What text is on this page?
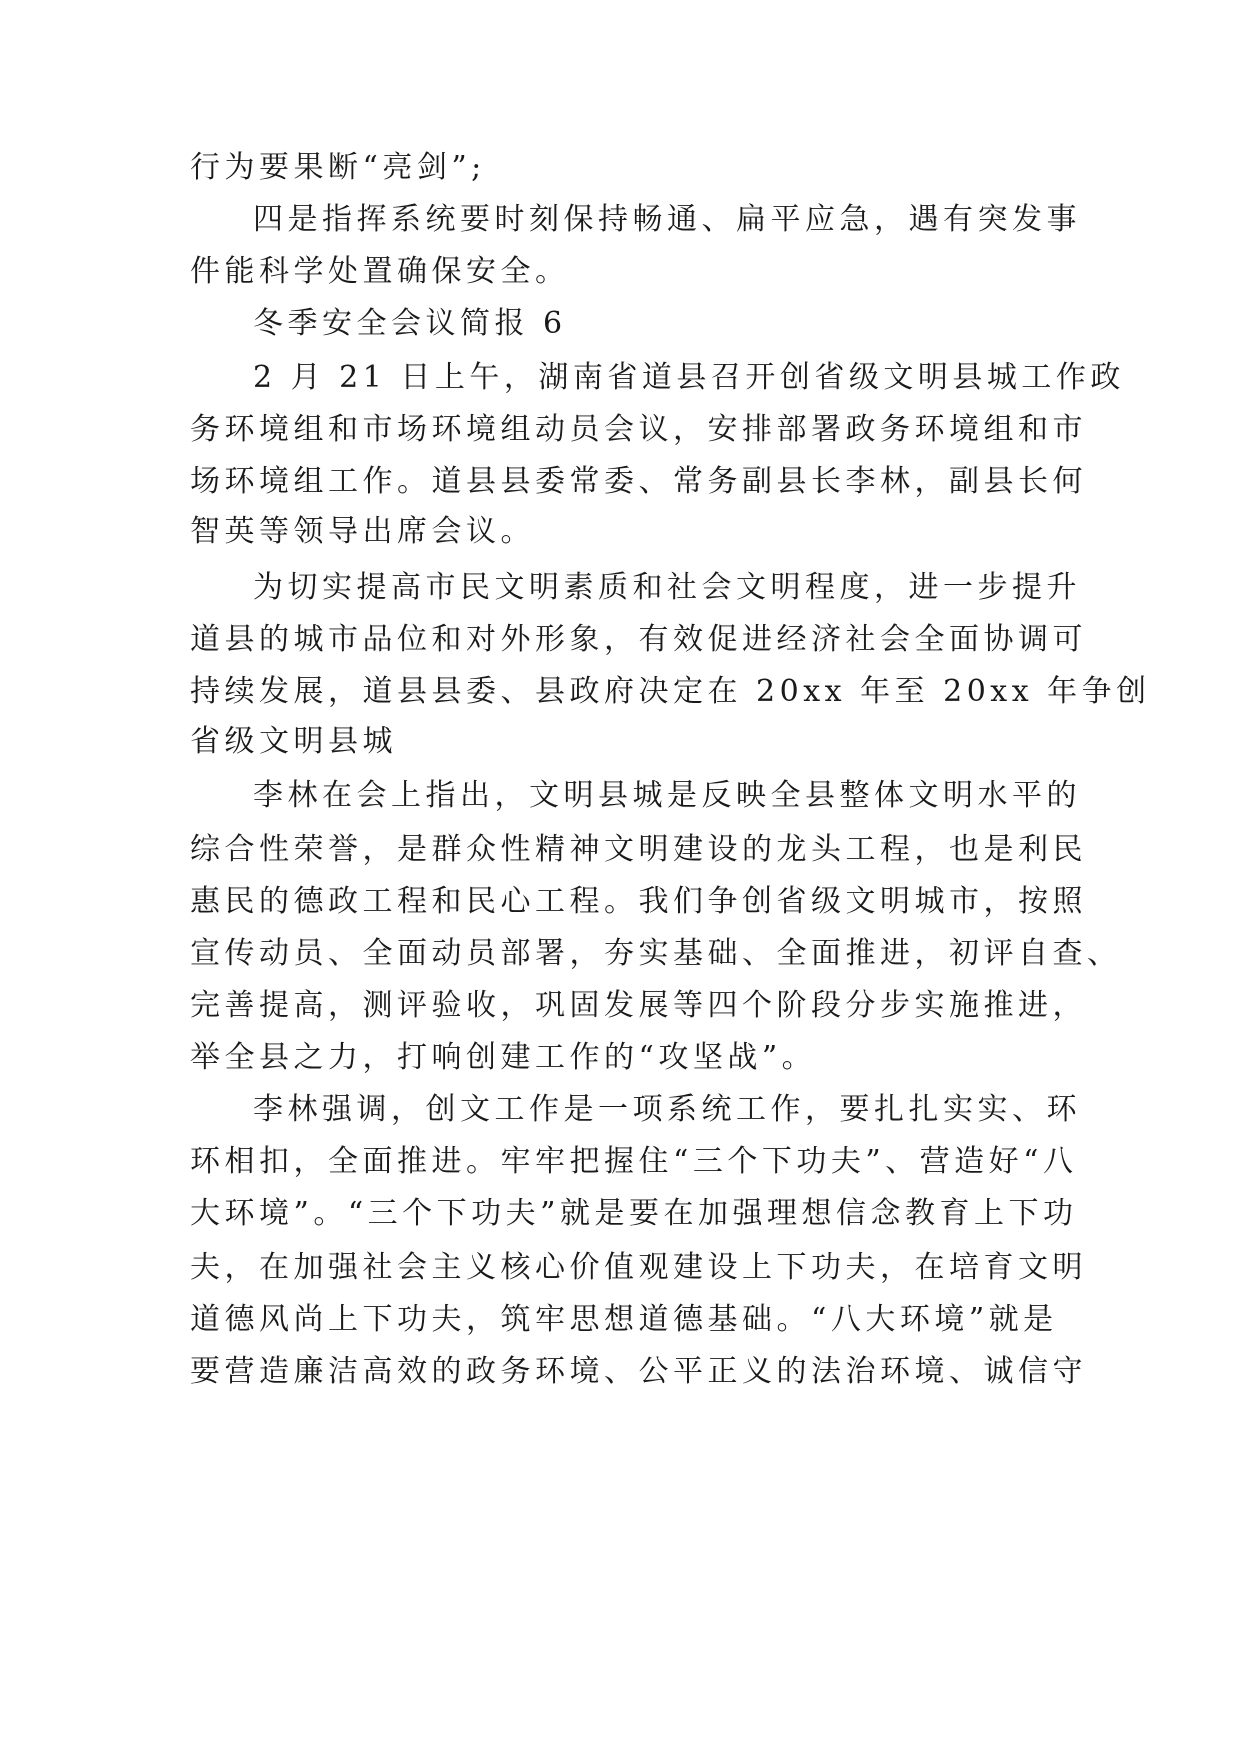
行为要果断“亮剑”;
四是指挥系统要时刻保持畅通、扁平应急，遇有突发事
件能科学处置确保安全。
冬季安全会议简报 6
2 月 21 日上午，湖南省道县召开创省级文明县城工作政
务环境组和市场环境组动员会议，安排部署政务环境组和市
场环境组工作。道县县委常委、常务副县长李林，副县长何
智英等领导出席会议。
为切实提高市民文明素质和社会文明程度，进一步提升
道县的城市品位和对外形象，有效促进经济社会全面协调可
持续发展，道县县委、县政府决定在 20xx 年至 20xx 年争创
省级文明县城
李林在会上指出，文明县城是反映全县整体文明水平的
综合性荣誉，是群众性精神文明建设的龙头工程，也是利民
惠民的德政工程和民心工程。我们争创省级文明城市，按照
宣传动员、全面动员部署，夯实基础、全面推进，初评自查、
完善提高，测评验收，巩固发展等四个阶段分步实施推进，
举全县之力，打响创建工作的“攻坚战”。
李林强调，创文工作是一项系统工作，要扎扎实实、环
环相扣，全面推进。牢牢把握住“三个下功夫”、营造好“八
大环境”。“三个下功夫”就是要在加强理想信念教育上下功
夫，在加强社会主义核心价值观建设上下功夫，在培育文明
道德风尚上下功夫，筑牢思想道德基础。“八大环境”就是
要营造廉洁高效的政务环境、公平正义的法治环境、诚信守
